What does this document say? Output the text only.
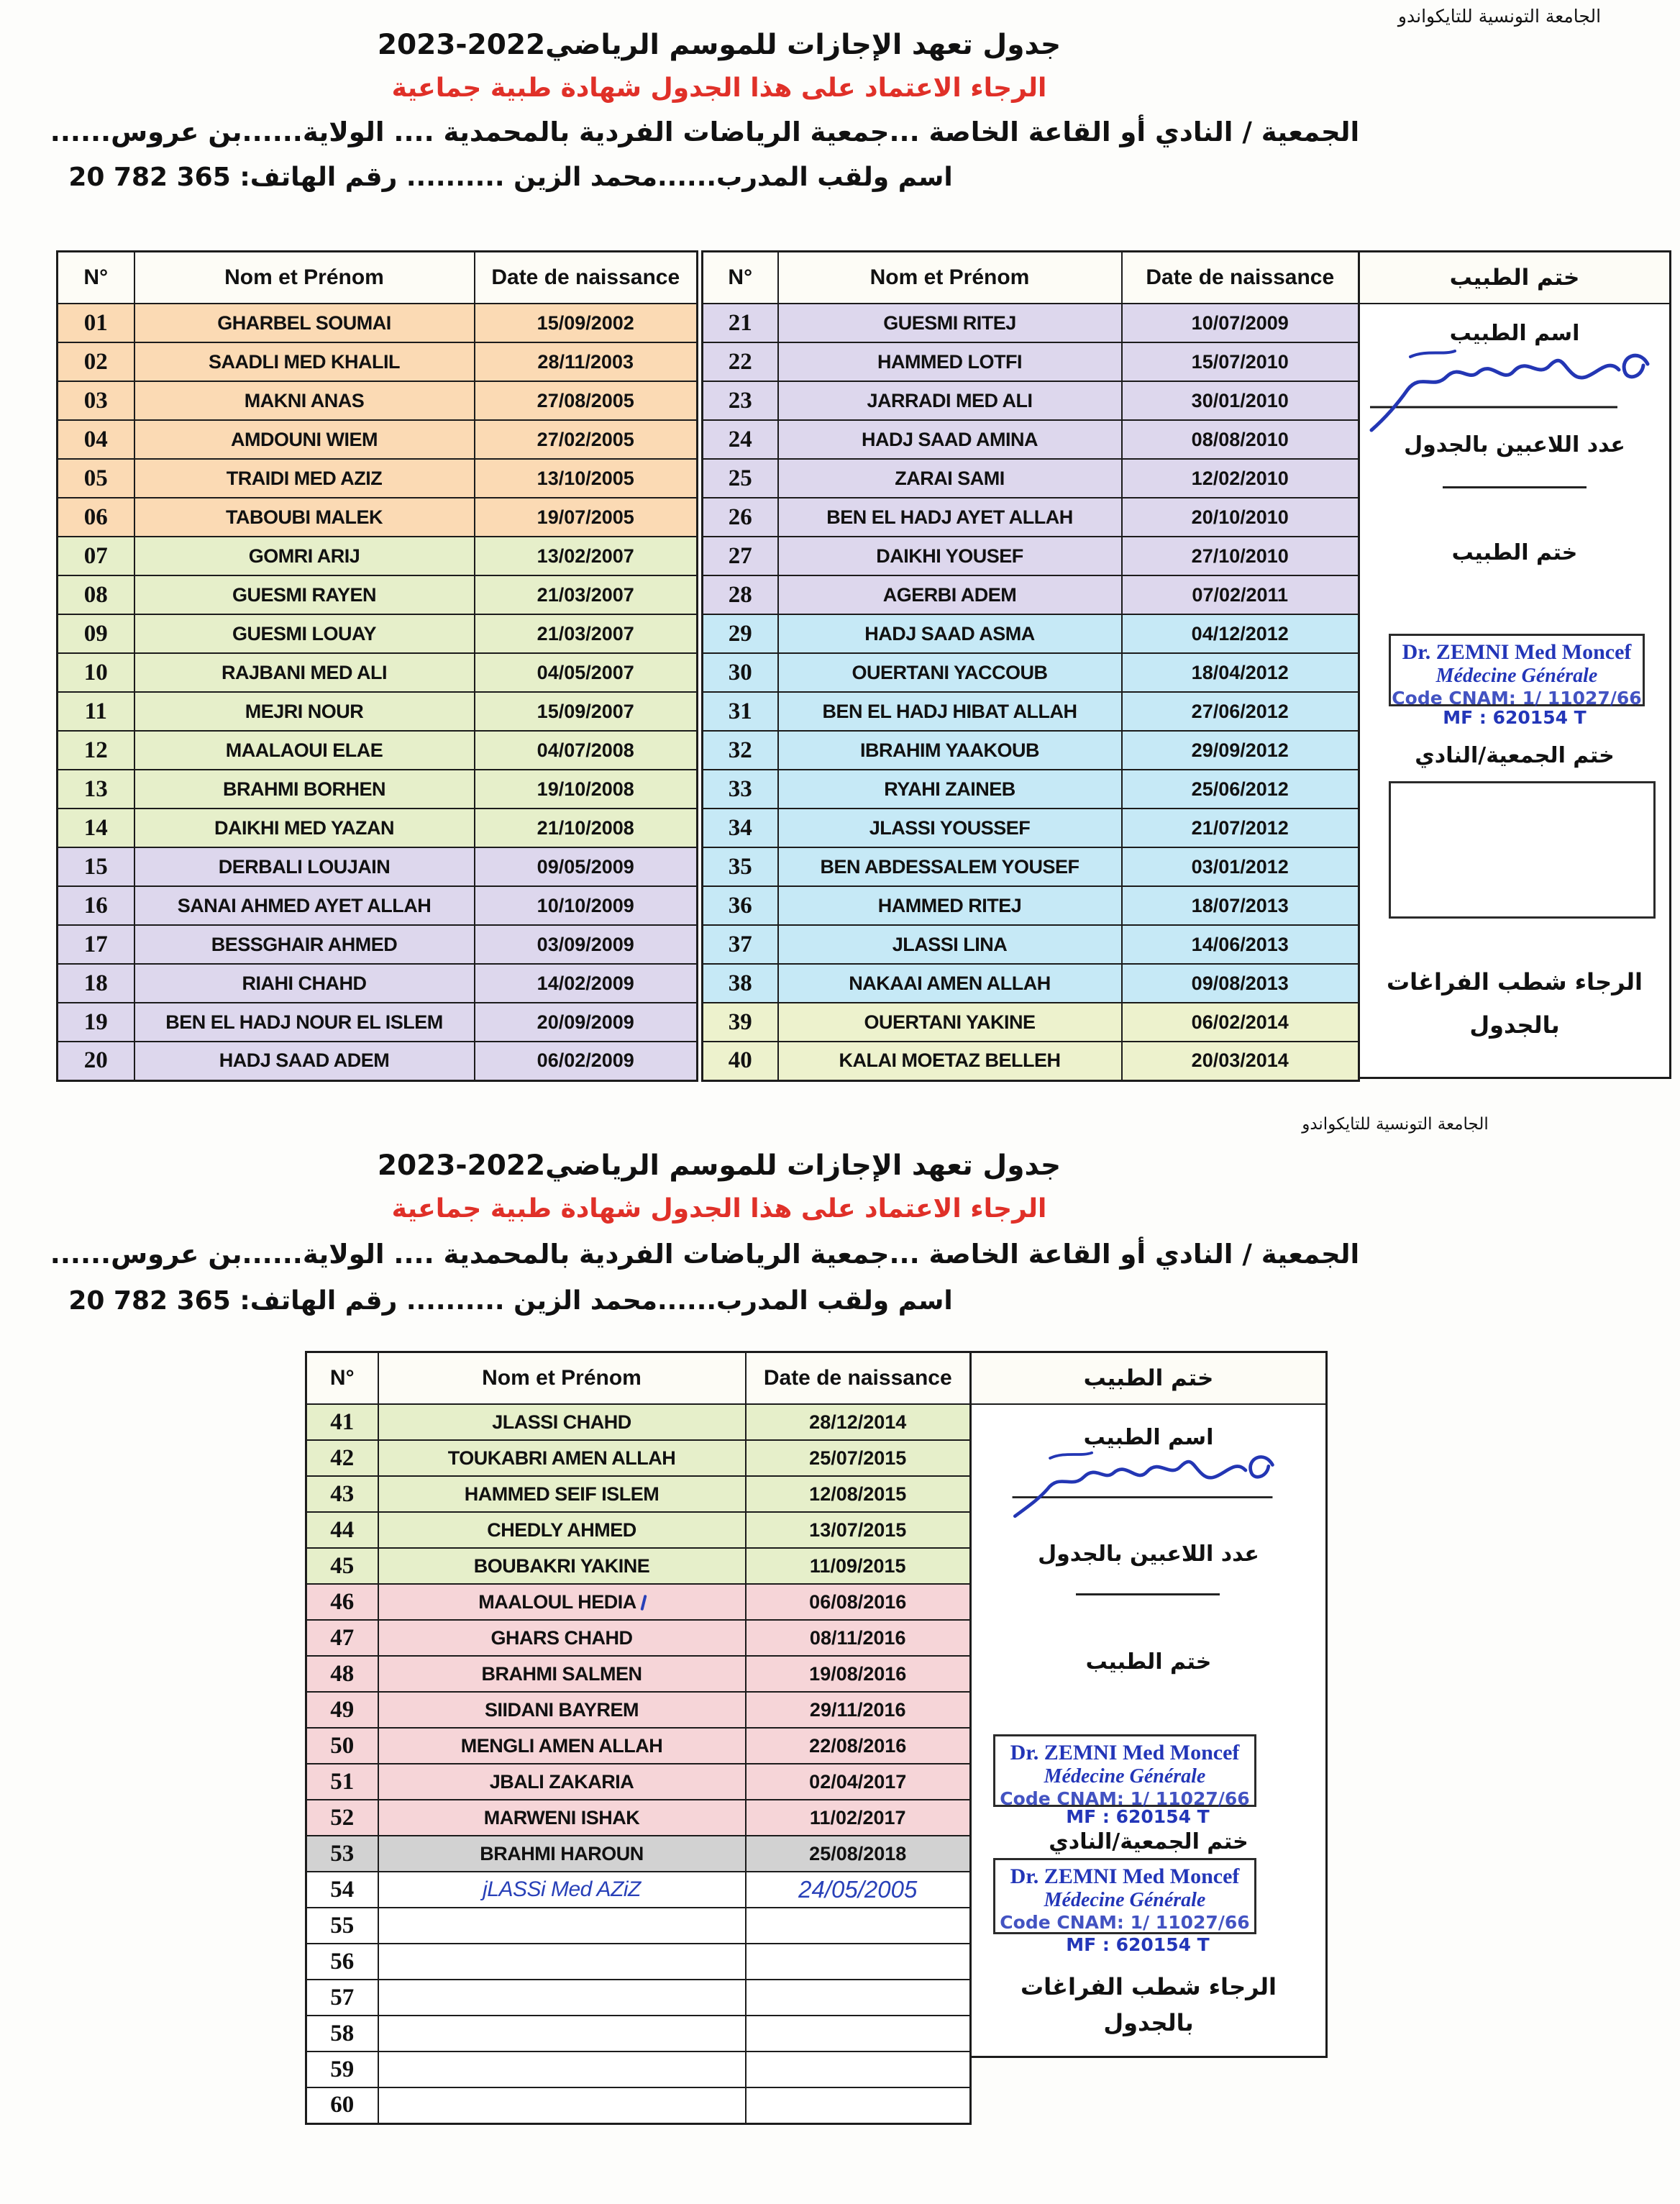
الجامعة التونسية للتايكواندو
جدول تعهد الإجازات للموسم الرياضي2023-2022
الرجاء الاعتماد على هذا الجدول شهادة طبية جماعية
الجمعية / النادي أو القاعة الخاصة ...جمعية الرياضات الفردية بالمحمدية .... الولاية......بن عروس......
اسم ولقب المدرب......محمد الزين .......... رقم الهاتف: 20 782 365
N°	Nom et Prénom	Date de naissance
01	GHARBEL SOUMAI	15/09/2002
02	SAADLI MED KHALIL	28/11/2003
03	MAKNI ANAS	27/08/2005
04	AMDOUNI WIEM	27/02/2005
05	TRAIDI MED AZIZ	13/10/2005
06	TABOUBI MALEK	19/07/2005
07	GOMRI ARIJ	13/02/2007
08	GUESMI RAYEN	21/03/2007
09	GUESMI LOUAY	21/03/2007
10	RAJBANI MED ALI	04/05/2007
11	MEJRI NOUR	15/09/2007
12	MAALAOUI ELAE	04/07/2008
13	BRAHMI BORHEN	19/10/2008
14	DAIKHI MED YAZAN	21/10/2008
15	DERBALI LOUJAIN	09/05/2009
16	SANAI AHMED AYET ALLAH	10/10/2009
17	BESSGHAIR AHMED	03/09/2009
18	RIAHI CHAHD	14/02/2009
19	BEN EL HADJ NOUR EL ISLEM	20/09/2009
20	HADJ SAAD ADEM	06/02/2009
N°	Nom et Prénom	Date de naissance
21	GUESMI RITEJ	10/07/2009
22	HAMMED LOTFI	15/07/2010
23	JARRADI MED ALI	30/01/2010
24	HADJ SAAD AMINA	08/08/2010
25	ZARAI SAMI	12/02/2010
26	BEN EL HADJ AYET ALLAH	20/10/2010
27	DAIKHI YOUSEF	27/10/2010
28	AGERBI ADEM	07/02/2011
29	HADJ SAAD ASMA	04/12/2012
30	OUERTANI YACCOUB	18/04/2012
31	BEN EL HADJ HIBAT ALLAH	27/06/2012
32	IBRAHIM YAAKOUB	29/09/2012
33	RYAHI ZAINEB	25/06/2012
34	JLASSI YOUSSEF	21/07/2012
35	BEN ABDESSALEM YOUSEF	03/01/2012
36	HAMMED RITEJ	18/07/2013
37	JLASSI LINA	14/06/2013
38	NAKAAI AMEN ALLAH	09/08/2013
39	OUERTANI YAKINE	06/02/2014
40	KALAI MOETAZ BELLEH	20/03/2014
ختم الطبيب
اسم الطبيب
عدد اللاعبين بالجدول
ختم الطبيب
Dr. ZEMNI Med Moncef
Médecine Générale
Code CNAM: 1/ 11027/66
MF : 620154 T
ختم الجمعية/النادي
الرجاء شطب الفراغات
بالجدول
الجامعة التونسية للتايكواندو
جدول تعهد الإجازات للموسم الرياضي2023-2022
الرجاء الاعتماد على هذا الجدول شهادة طبية جماعية
الجمعية / النادي أو القاعة الخاصة ...جمعية الرياضات الفردية بالمحمدية .... الولاية......بن عروس......
اسم ولقب المدرب......محمد الزين .......... رقم الهاتف: 20 782 365
N°	Nom et Prénom	Date de naissance
41	JLASSI CHAHD	28/12/2014
42	TOUKABRI AMEN ALLAH	25/07/2015
43	HAMMED SEIF ISLEM	12/08/2015
44	CHEDLY AHMED	13/07/2015
45	BOUBAKRI YAKINE	11/09/2015
46	MAALOUL HEDIA	06/08/2016
47	GHARS CHAHD	08/11/2016
48	BRAHMI SALMEN	19/08/2016
49	SIIDANI BAYREM	29/11/2016
50	MENGLI AMEN ALLAH	22/08/2016
51	JBALI ZAKARIA	02/04/2017
52	MARWENI ISHAK	11/02/2017
53	BRAHMI HAROUN	25/08/2018
54	jLASSi Med AZiZ	24/05/2005
55		
56		
57		
58		
59		
60		
ختم الطبيب
اسم الطبيب
عدد اللاعبين بالجدول
ختم الطبيب
Dr. ZEMNI Med Moncef
Médecine Générale
Code CNAM: 1/ 11027/66
MF : 620154 T
ختم الجمعية/النادي
Dr. ZEMNI Med Moncef
Médecine Générale
Code CNAM: 1/ 11027/66
MF : 620154 T
الرجاء شطب الفراغات
بالجدول
